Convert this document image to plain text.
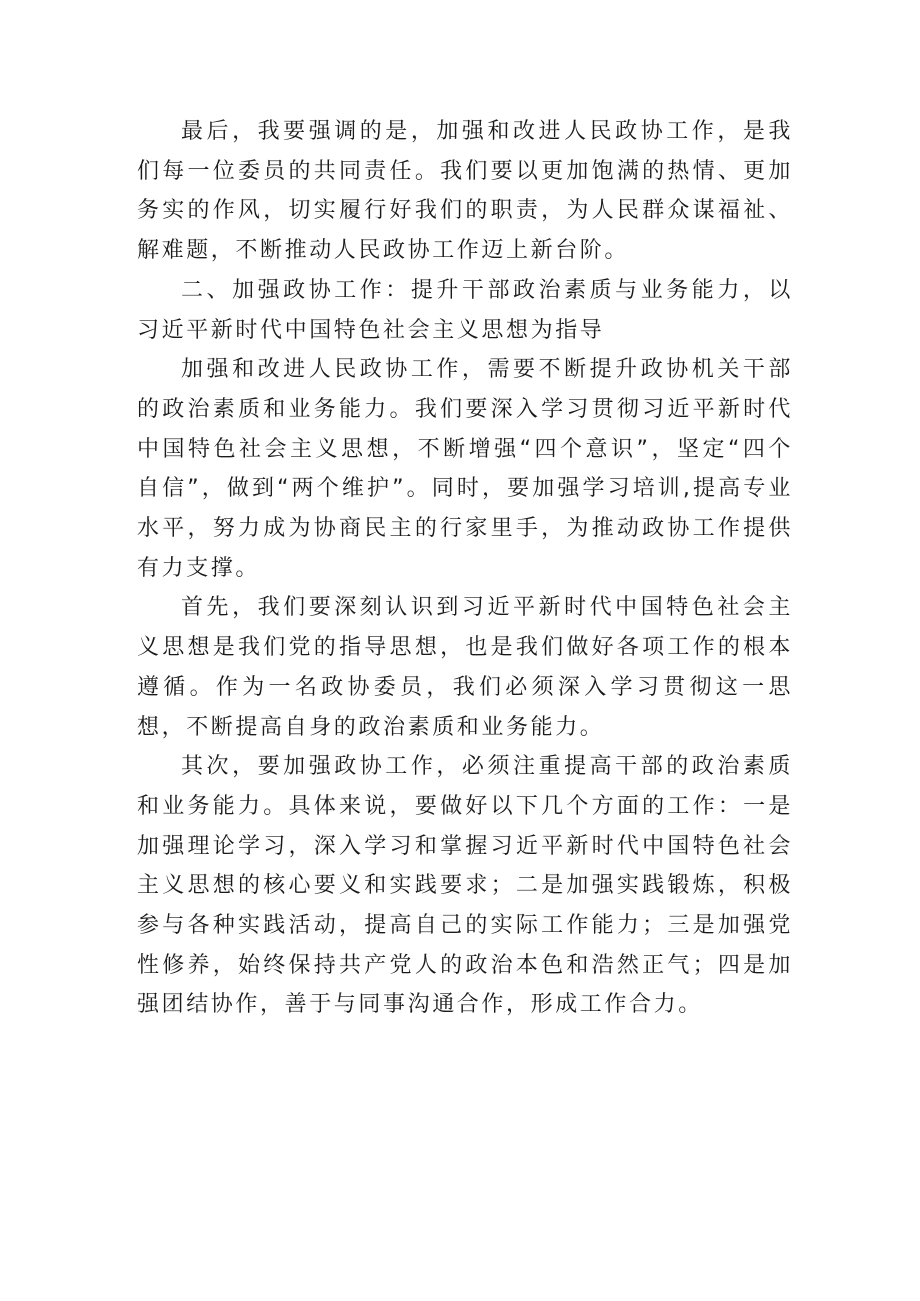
最后，我要强调的是，加强和改进人民政协工作，是我们每一位委员的共同责任。我们要以更加饱满的热情、更加务实的作风，切实履行好我们的职责，为人民群众谋福祉、解难题，不断推动人民政协工作迈上新台阶。

二、加强政协工作：提升干部政治素质与业务能力，以习近平新时代中国特色社会主义思想为指导

加强和改进人民政协工作，需要不断提升政协机关干部的政治素质和业务能力。我们要深入学习贯彻习近平新时代中国特色社会主义思想，不断增强“四个意识”，坚定“四个自信”，做到“两个维护”。同时，要加强学习培训,提高专业水平，努力成为协商民主的行家里手，为推动政协工作提供有力支撑。

首先，我们要深刻认识到习近平新时代中国特色社会主义思想是我们党的指导思想，也是我们做好各项工作的根本遵循。作为一名政协委员，我们必须深入学习贯彻这一思想，不断提高自身的政治素质和业务能力。

其次，要加强政协工作，必须注重提高干部的政治素质和业务能力。具体来说，要做好以下几个方面的工作：一是加强理论学习，深入学习和掌握习近平新时代中国特色社会主义思想的核心要义和实践要求；二是加强实践锻炼，积极参与各种实践活动，提高自己的实际工作能力；三是加强党性修养，始终保持共产党人的政治本色和浩然正气；四是加强团结协作，善于与同事沟通合作，形成工作合力。
